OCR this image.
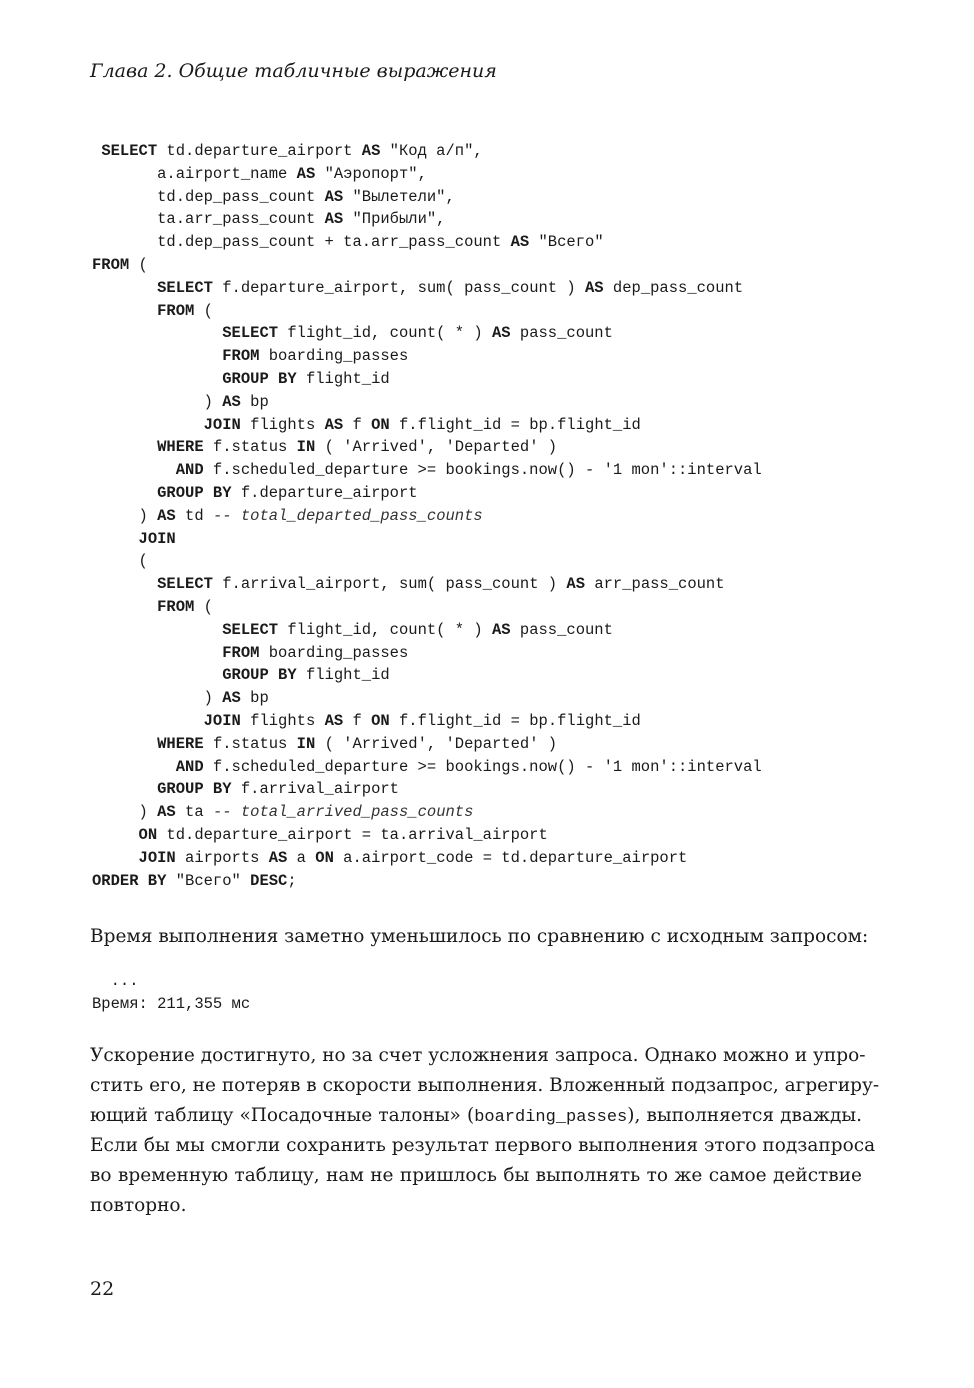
Глава 2. Общие табличные выражения
SELECT td.departure_airport AS "Код а/п",
a.airport_name AS "Аэропорт",
td.dep_pass_count AS "Вылетели",
ta.arr_pass_count AS "Прибыли",
td.dep_pass_count + ta.arr_pass_count AS "Всего"
FROM (
SELECT f.departure_airport, sum( pass_count ) AS dep_pass_count
FROM (
SELECT flight_id, count( * ) AS pass_count
FROM boarding_passes
GROUP BY flight_id
) AS bp
JOIN flights AS f ON f.flight_id = bp.flight_id
WHERE f.status IN ( 'Arrived', 'Departed' )
AND f.scheduled_departure >= bookings.now() - '1 mon'::interval
GROUP BY f.departure_airport
) AS td -- total_departed_pass_counts
JOIN
(
SELECT f.arrival_airport, sum( pass_count ) AS arr_pass_count
FROM (
SELECT flight_id, count( * ) AS pass_count
FROM boarding_passes
GROUP BY flight_id
) AS bp
JOIN flights AS f ON f.flight_id = bp.flight_id
WHERE f.status IN ( 'Arrived', 'Departed' )
AND f.scheduled_departure >= bookings.now() - '1 mon'::interval
GROUP BY f.arrival_airport
) AS ta -- total_arrived_pass_counts
ON td.departure_airport = ta.arrival_airport
JOIN airports AS a ON a.airport_code = td.departure_airport
ORDER BY "Всего" DESC;
Время выполнения заметно уменьшилось по сравнению с исходным запросом:
...
Время: 211,355 мс
Ускорение достигнуто, но за счет усложнения запроса. Однако можно и упро-
стить его, не потеряв в скорости выполнения. Вложенный подзапрос, агрегиру-
ющий таблицу «Посадочные талоны» (boarding_passes), выполняется дважды.
Если бы мы смогли сохранить результат первого выполнения этого подзапроса
во временную таблицу, нам не пришлось бы выполнять то же самое действие
повторно.
22
